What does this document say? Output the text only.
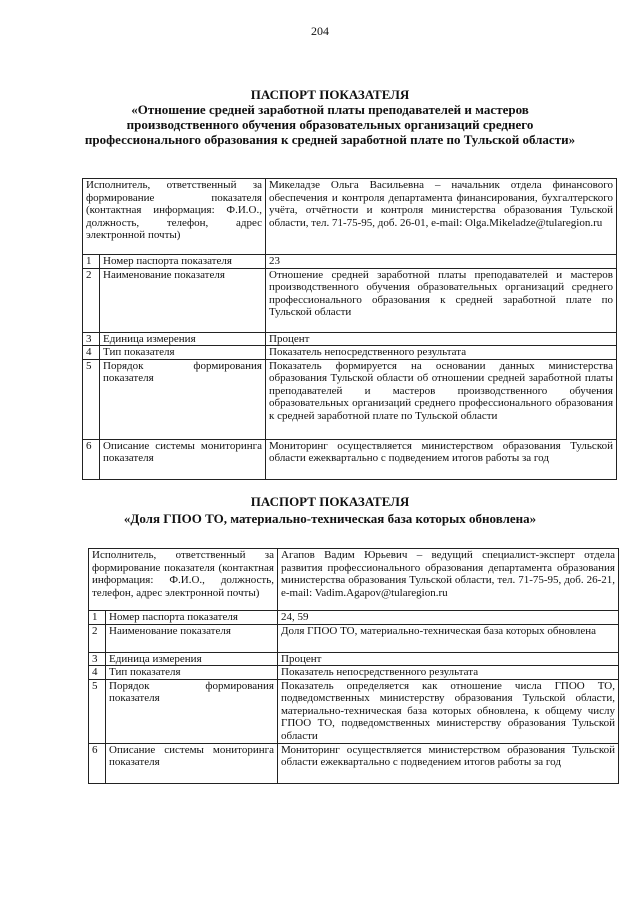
204
ПАСПОРТ ПОКАЗАТЕЛЯ
«Отношение средней заработной платы преподавателей и мастеров производственного обучения образовательных организаций среднего профессионального образования к средней заработной плате по Тульской области»
Исполнитель, ответственный за формирование показателя (контактная информация: Ф.И.О., должность, телефон, адрес электронной почты)		Микеладзе Ольга Васильевна – начальник отдела финансового обеспечения и контроля департамента финансирования, бухгалтерского учёта, отчётности и контроля министерства образования Тульской области, тел. 71-75-95, доб. 26-01, e-mail: Olga.Mikeladze@tularegion.ru
1	Номер паспорта показателя	23
2	Наименование показателя	Отношение средней заработной платы преподавателей и мастеров производственного обучения образовательных организаций среднего профессионального образования к средней заработной плате по Тульской области
3	Единица измерения	Процент
4	Тип показателя	Показатель непосредственного результата
5	Порядок формирования показателя	Показатель формируется на основании данных министерства образования Тульской области об отношении средней заработной платы преподавателей и мастеров производственного обучения образовательных организаций среднего профессионального образования к средней заработной плате по Тульской области
6	Описание системы мониторинга показателя	Мониторинг осуществляется министерством образования Тульской области ежеквартально с подведением итогов работы за год
ПАСПОРТ ПОКАЗАТЕЛЯ
«Доля ГПОО ТО, материально-техническая база которых обновлена»
Исполнитель, ответственный за формирование показателя (контактная информация: Ф.И.О., должность, телефон, адрес электронной почты)		Агапов Вадим Юрьевич – ведущий специалист-эксперт отдела развития профессионального образования департамента образования министерства образования Тульской области, тел. 71-75-95, доб. 26-21, e-mail: Vadim.Agapov@tularegion.ru
1	Номер паспорта показателя	24, 59
2	Наименование показателя	Доля ГПОО ТО, материально-техническая база которых обновлена
3	Единица измерения	Процент
4	Тип показателя	Показатель непосредственного результата
5	Порядок формирования показателя	Показатель определяется как отношение числа ГПОО ТО, подведомственных министерству образования Тульской области, материально-техническая база которых обновлена, к общему числу ГПОО ТО, подведомственных министерству образования Тульской области
6	Описание системы мониторинга показателя	Мониторинг осуществляется министерством образования Тульской области ежеквартально с подведением итогов работы за год
